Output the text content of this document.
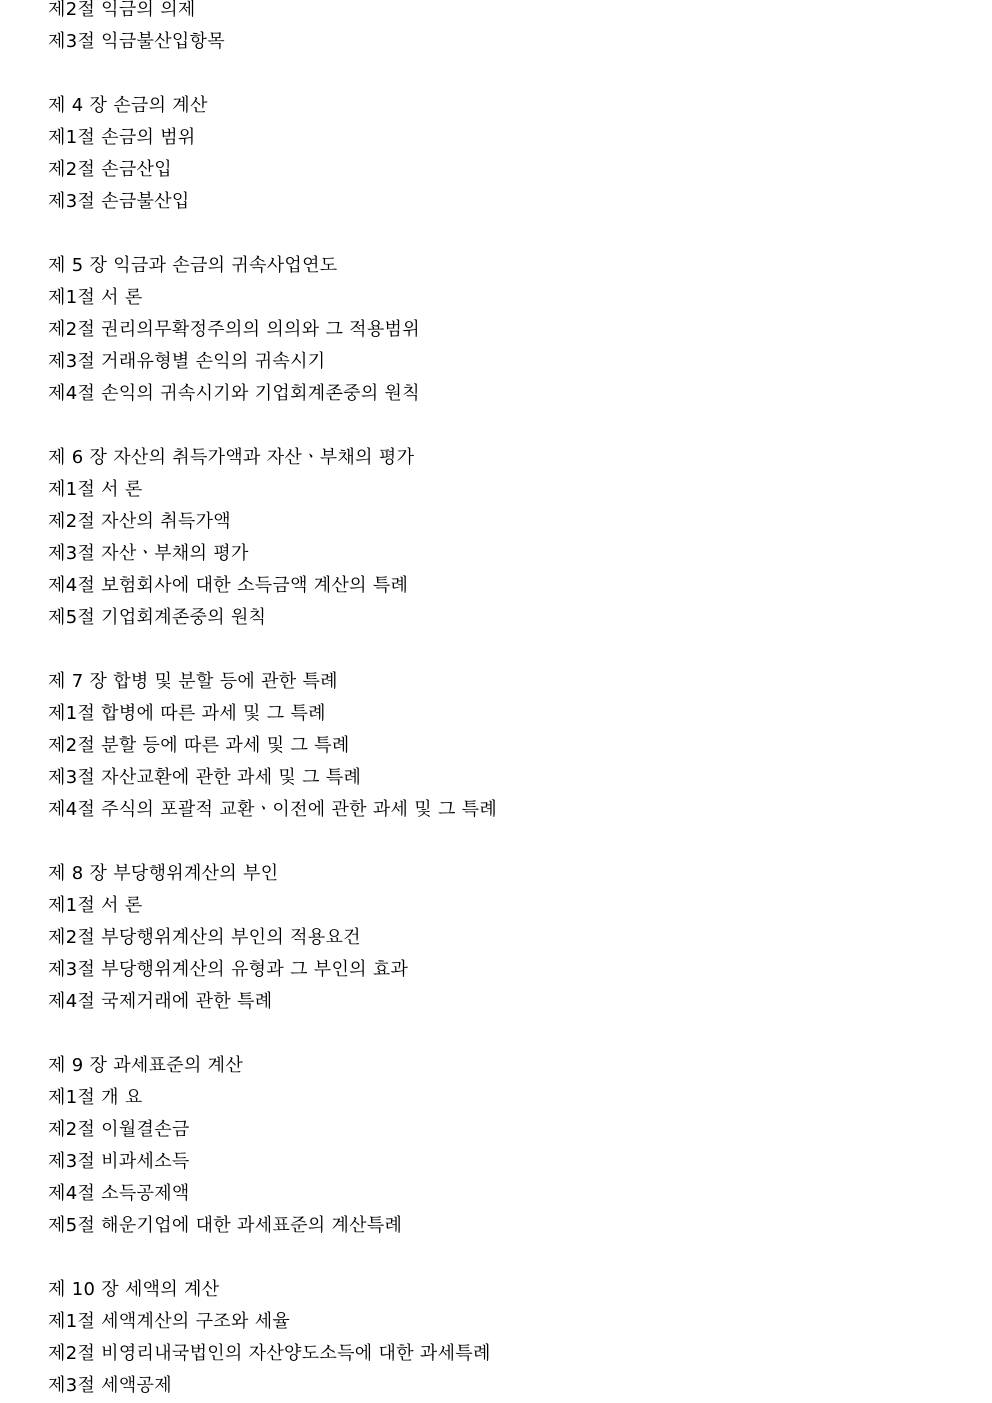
제2절 익금의 의제
제3절 익금불산입항목
제 4 장 손금의 계산
제1절 손금의 범위
제2절 손금산입
제3절 손금불산입
제 5 장 익금과 손금의 귀속사업연도
제1절 서 론
제2절 권리의무확정주의의 의의와 그 적용범위
제3절 거래유형별 손익의 귀속시기
제4절 손익의 귀속시기와 기업회계존중의 원칙
제 6 장 자산의 취득가액과 자산ㆍ부채의 평가
제1절 서 론
제2절 자산의 취득가액
제3절 자산ㆍ부채의 평가
제4절 보험회사에 대한 소득금액 계산의 특례
제5절 기업회계존중의 원칙
제 7 장 합병 및 분할 등에 관한 특례
제1절 합병에 따른 과세 및 그 특례
제2절 분할 등에 따른 과세 및 그 특례
제3절 자산교환에 관한 과세 및 그 특례
제4절 주식의 포괄적 교환ㆍ이전에 관한 과세 및 그 특례
제 8 장 부당행위계산의 부인
제1절 서 론
제2절 부당행위계산의 부인의 적용요건
제3절 부당행위계산의 유형과 그 부인의 효과
제4절 국제거래에 관한 특례
제 9 장 과세표준의 계산
제1절 개 요
제2절 이월결손금
제3절 비과세소득
제4절 소득공제액
제5절 해운기업에 대한 과세표준의 계산특례
제 10 장 세액의 계산
제1절 세액계산의 구조와 세율
제2절 비영리내국법인의 자산양도소득에 대한 과세특례
제3절 세액공제
